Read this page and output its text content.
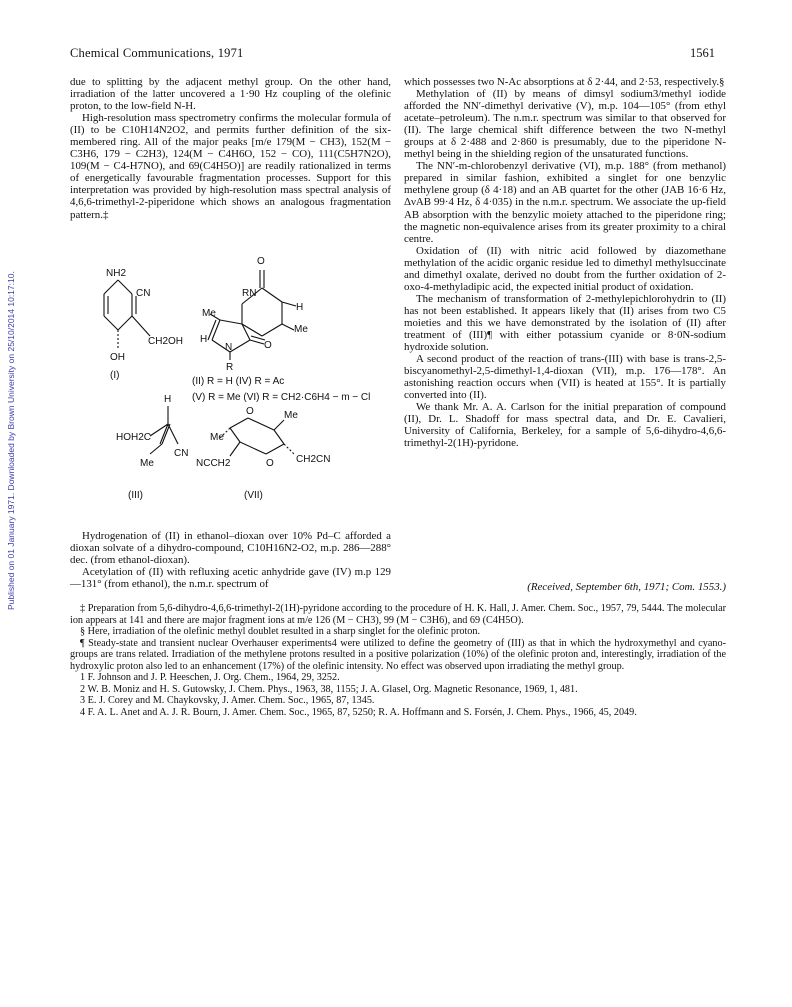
Chemical Communications, 1971	1561
Published on 01 January 1971. Downloaded by Brown University on 25/10/2014 10:17:10.

due to splitting by the adjacent methyl group. On the other hand, irradiation of the latter uncovered a 1·90 Hz coupling of the olefinic proton, to the low-field N-H.

High-resolution mass spectrometry confirms the molecular formula of (II) to be C10H14N2O2, and permits further definition of the six-membered ring. All of the major peaks [m/e 179(M − CH3), 152(M − C3H6, 179 − C2H3), 124(M − C4H6O, 152 − CO), 111(C5H7N2O), 109(M − C4-H7NO), and 69(C4H5O)] are readily rationalized in terms of energetically favourable fragmentation processes. Support for this interpretation was provided by high-resolution mass spectral analysis of 4,6,6-trimethyl-2-piperidone which shows an analogous fragmentation pattern.‡

NH2
CN
CH2OH
OH
(I)
O
RN
H
Me
Me
H
N	O
R
(II) R = H (IV) R = Ac
(V) R = Me (VI) R = CH2·C6H4 − m − Cl
H
HOH2C
CN
Me
(III)
O	Me
Me
CH2CN
NCCH2	O
(VII)

Hydrogenation of (II) in ethanol–dioxan over 10% Pd–C afforded a dioxan solvate of a dihydro-compound, C10H16N2-O2, m.p. 286—288° dec. (from ethanol-dioxan).

Acetylation of (II) with refluxing acetic anhydride gave (IV) m.p 129—131° (from ethanol), the n.m.r. spectrum of

which possesses two N-Ac absorptions at δ 2·44, and 2·53, respectively.§

Methylation of (II) by means of dimsyl sodium3/methyl iodide afforded the NN′-dimethyl derivative (V), m.p. 104—105° (from ethyl acetate–petroleum). The n.m.r. spectrum was similar to that observed for (II). The large chemical shift difference between the two N-methyl groups at δ 2·488 and 2·860 is presumably, due to the piperidone N-methyl being in the shielding region of the unsaturated functions.

The NN′-m-chlorobenzyl derivative (VI), m.p. 188° (from methanol) prepared in similar fashion, exhibited a singlet for one benzylic methylene group (δ 4·18) and an AB quartet for the other (JAB 16·6 Hz, ΔνAB 99·4 Hz, δ 4·035) in the n.m.r. spectrum. We associate the up-field AB absorption with the benzylic moiety attached to the piperidone ring; the magnetic non-equivalence arises from its greater proximity to a chiral centre.

Oxidation of (II) with nitric acid followed by diazomethane methylation of the acidic organic residue led to dimethyl methylsuccinate and dimethyl oxalate, derived no doubt from the further oxidation of 2-oxo-4-methyladipic acid, the expected initial product of oxidation.

The mechanism of transformation of 2-methylepichlorohydrin to (II) has not been established. It appears likely that (II) arises from two C5 moieties and this we have demonstrated by the isolation of (II) after treatment of (III)¶ with either potassium cyanide or 8·0N-sodium hydroxide solution.

A second product of the reaction of trans-(III) with base is trans-2,5-biscyanomethyl-2,5-dimethyl-1,4-dioxan (VII), m.p. 176—178°. An astonishing reaction occurs when (VII) is heated at 155°. It is partially converted into (II).

We thank Mr. A. A. Carlson for the initial preparation of compound (II), Dr. L. Shadoff for mass spectral data, and Dr. E. Cavalieri, University of California, Berkeley, for a sample of 5,6-dihydro-4,6,6-trimethyl-2(1H)-pyridone.

(Received, September 6th, 1971; Com. 1553.)

‡ Preparation from 5,6-dihydro-4,6,6-trimethyl-2(1H)-pyridone according to the procedure of H. K. Hall, J. Amer. Chem. Soc., 1957, 79, 5444. The molecular ion appears at 141 and there are major fragment ions at m/e 126 (M − CH3), 99 (M − C3H6), and 69 (C4H5O).

§ Here, irradiation of the olefinic methyl doublet resulted in a sharp singlet for the olefinic proton.

¶ Steady-state and transient nuclear Overhauser experiments4 were utilized to define the geometry of (III) as that in which the hydroxymethyl and cyano-groups are trans related. Irradiation of the methylene protons resulted in a positive polarization (10%) of the olefinic proton and, interestingly, irradiation of the hydroxylic proton also led to an enhancement (17%) of the olefinic intensity. No effect was observed upon irradiating the methyl group.

1 F. Johnson and J. P. Heeschen, J. Org. Chem., 1964, 29, 3252.

2 W. B. Moniz and H. S. Gutowsky, J. Chem. Phys., 1963, 38, 1155; J. A. Glasel, Org. Magnetic Resonance, 1969, 1, 481.

3 E. J. Corey and M. Chaykovsky, J. Amer. Chem. Soc., 1965, 87, 1345.

4 F. A. L. Anet and A. J. R. Bourn, J. Amer. Chem. Soc., 1965, 87, 5250; R. A. Hoffmann and S. Forsén, J. Chem. Phys., 1966, 45, 2049.
